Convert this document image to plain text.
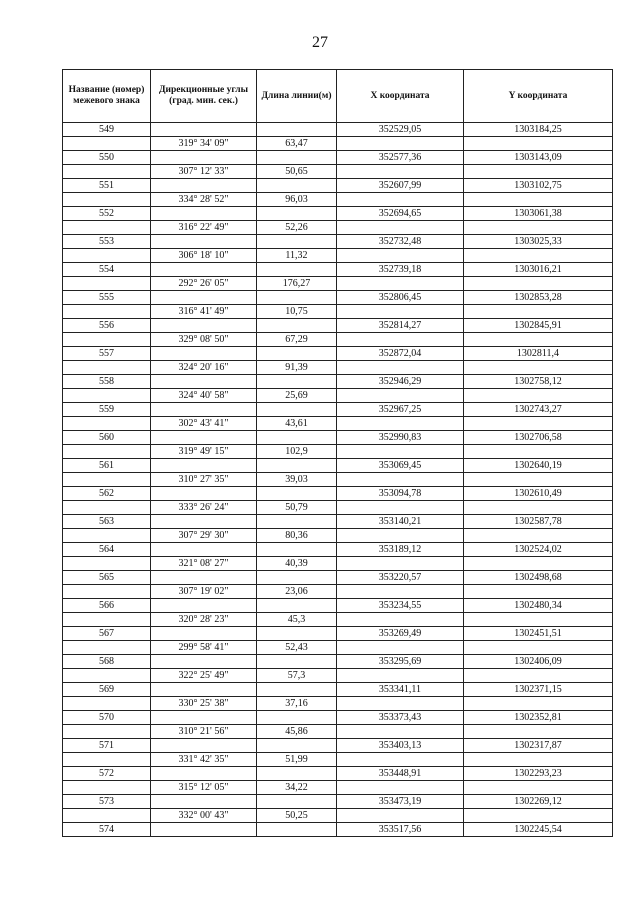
27
Название (номер) межевого знака	Дирекционные углы (град. мин. сек.)	Длина линии(м)	X координата	Y координата
549			352529,05	1303184,25
	319° 34' 09"	63,47		
550			352577,36	1303143,09
	307° 12' 33"	50,65		
551			352607,99	1303102,75
	334° 28' 52"	96,03		
552			352694,65	1303061,38
	316° 22' 49"	52,26		
553			352732,48	1303025,33
	306° 18' 10"	11,32		
554			352739,18	1303016,21
	292° 26' 05"	176,27		
555			352806,45	1302853,28
	316° 41' 49"	10,75		
556			352814,27	1302845,91
	329° 08' 50"	67,29		
557			352872,04	1302811,4
	324° 20' 16"	91,39		
558			352946,29	1302758,12
	324° 40' 58"	25,69		
559			352967,25	1302743,27
	302° 43' 41"	43,61		
560			352990,83	1302706,58
	319° 49' 15"	102,9		
561			353069,45	1302640,19
	310° 27' 35"	39,03		
562			353094,78	1302610,49
	333° 26' 24"	50,79		
563			353140,21	1302587,78
	307° 29' 30"	80,36		
564			353189,12	1302524,02
	321° 08' 27"	40,39		
565			353220,57	1302498,68
	307° 19' 02"	23,06		
566			353234,55	1302480,34
	320° 28' 23"	45,3		
567			353269,49	1302451,51
	299° 58' 41"	52,43		
568			353295,69	1302406,09
	322° 25' 49"	57,3		
569			353341,11	1302371,15
	330° 25' 38"	37,16		
570			353373,43	1302352,81
	310° 21' 56"	45,86		
571			353403,13	1302317,87
	331° 42' 35"	51,99		
572			353448,91	1302293,23
	315° 12' 05"	34,22		
573			353473,19	1302269,12
	332° 00' 43"	50,25		
574			353517,56	1302245,54
